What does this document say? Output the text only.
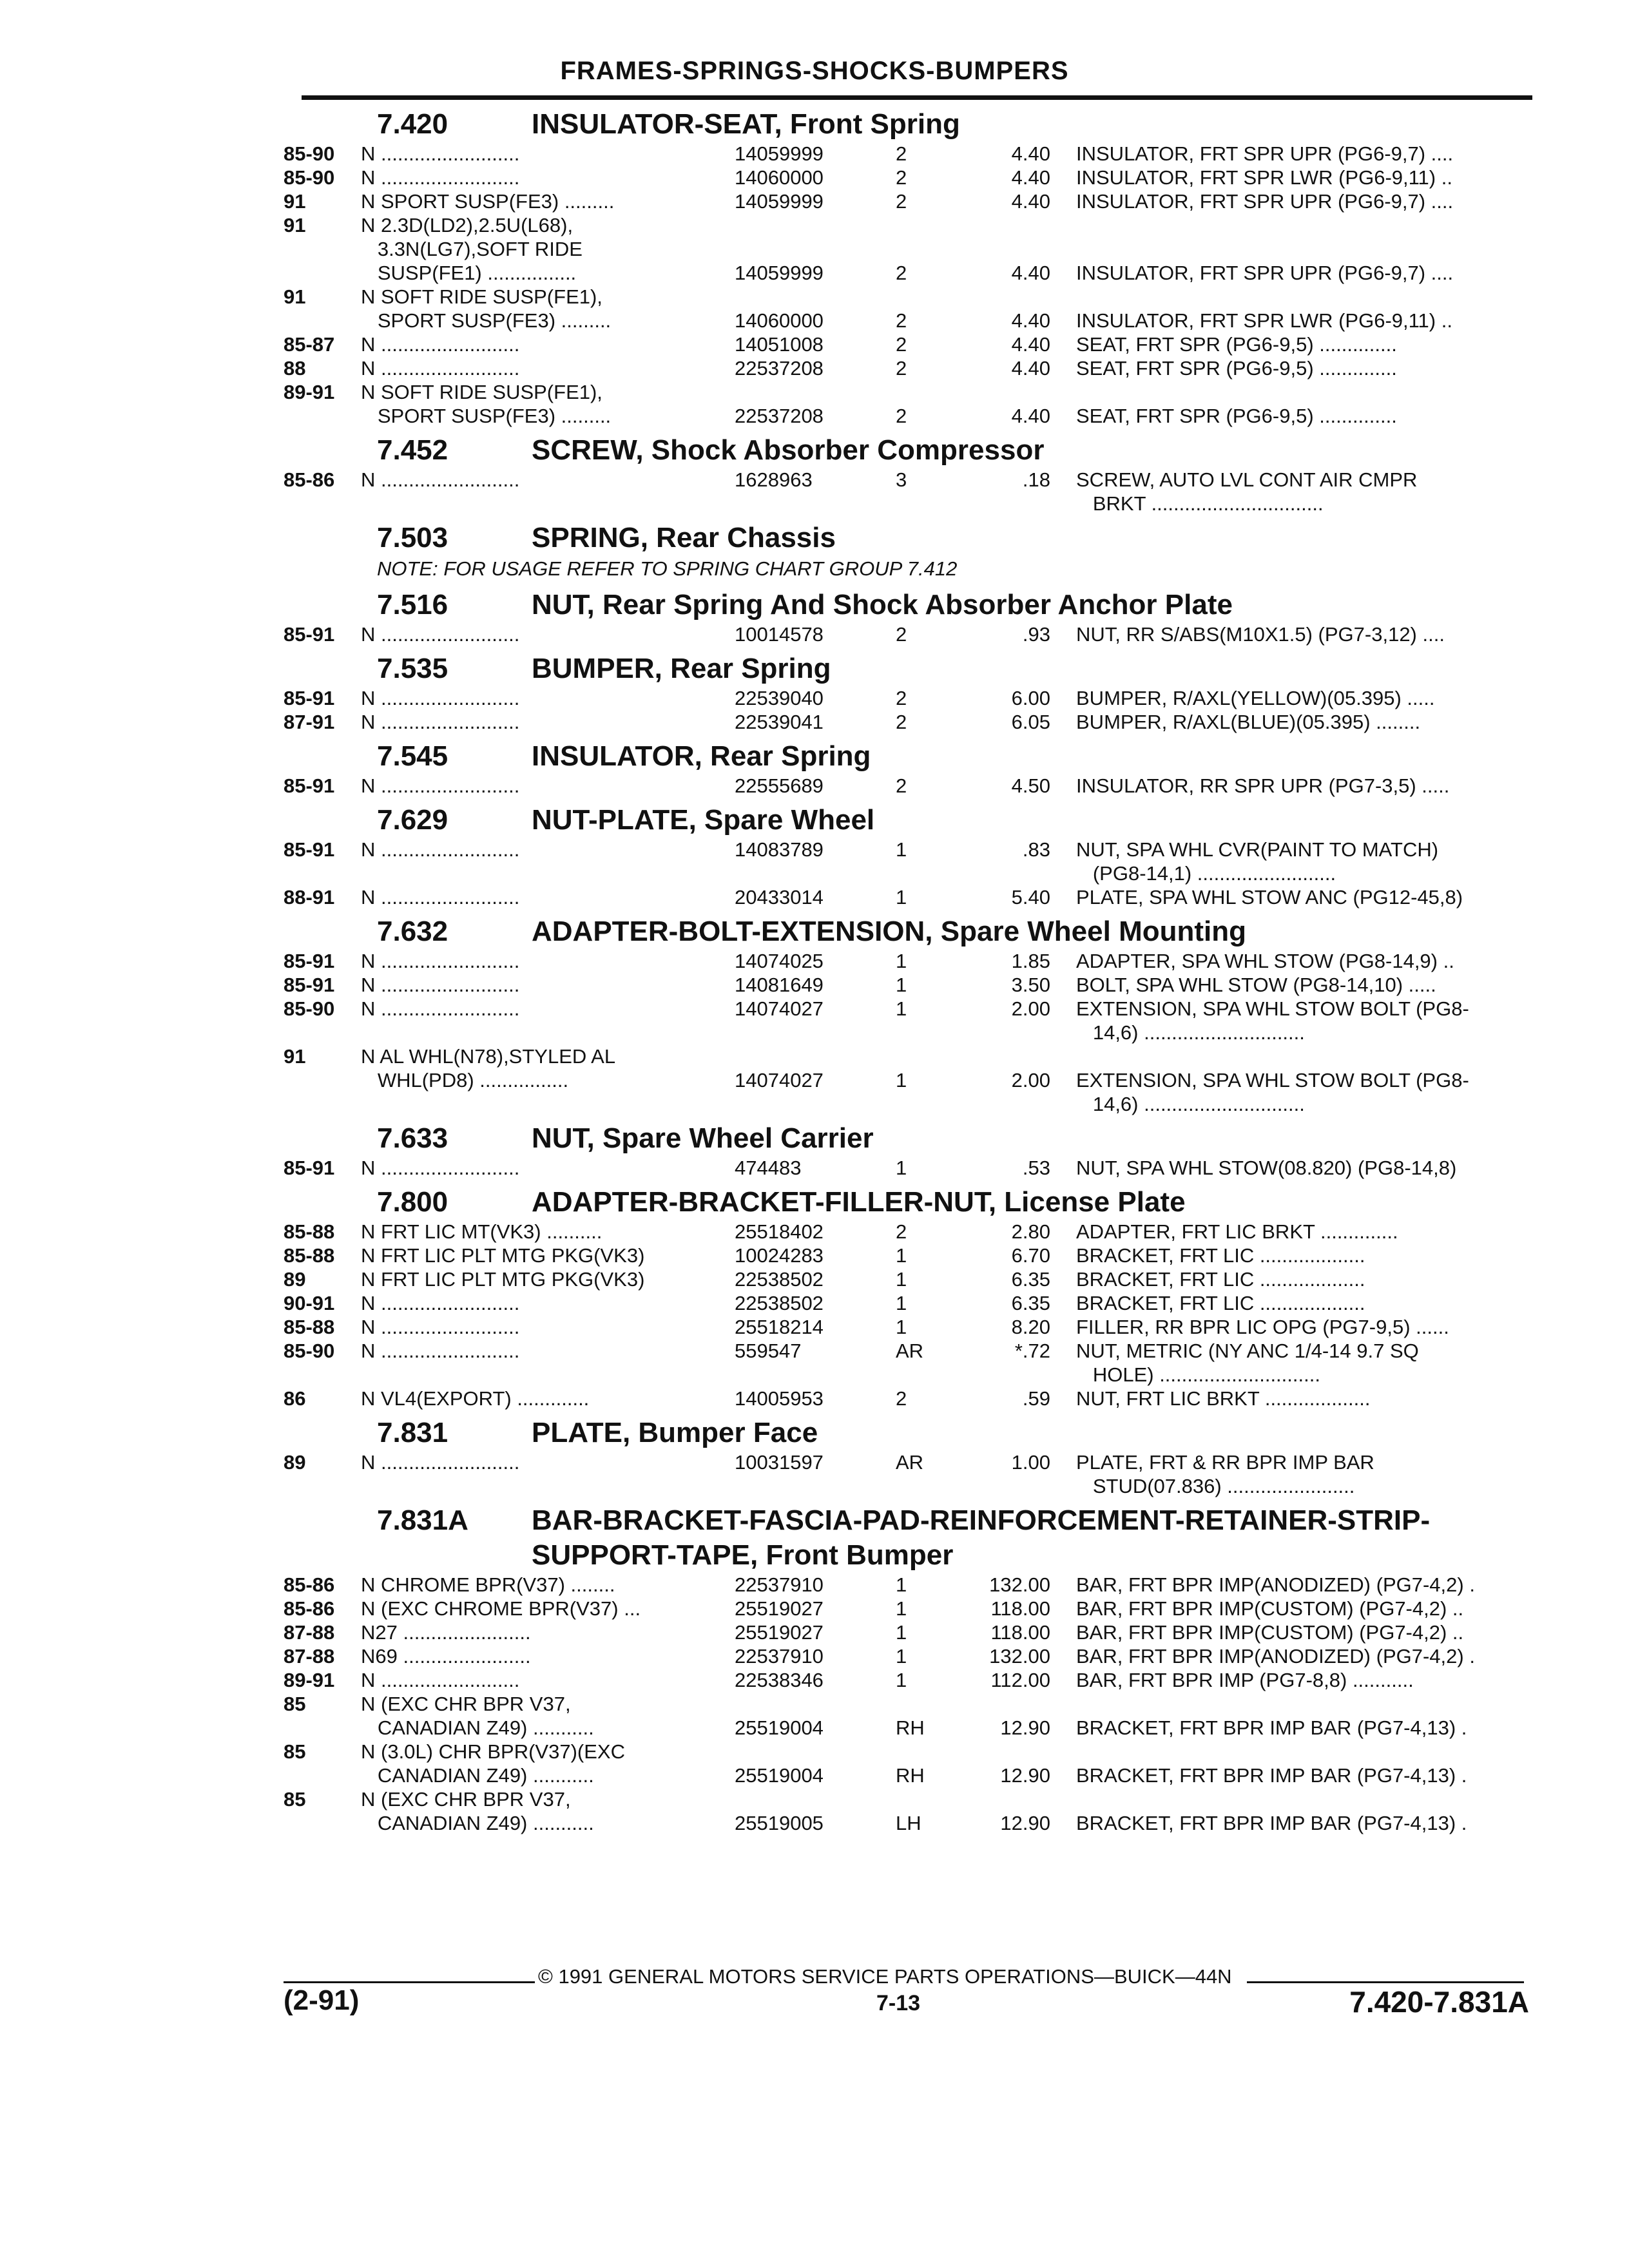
FRAMES-SPRINGS-SHOCKS-BUMPERS
7.420	INSULATOR-SEAT, Front Spring
85-90	N .........................	14059999	2	4.40	INSULATOR, FRT SPR UPR (PG6-9,7) ....
85-90	N .........................	14060000	2	4.40	INSULATOR, FRT SPR LWR (PG6-9,11) ..
91	N SPORT SUSP(FE3) .........	14059999	2	4.40	INSULATOR, FRT SPR UPR (PG6-9,7) ....
91	N 2.3D(LD2),2.5U(L68),
3.3N(LG7),SOFT RIDE
SUSP(FE1) ................	14059999	2	4.40	INSULATOR, FRT SPR UPR (PG6-9,7) ....
91	N SOFT RIDE SUSP(FE1),
SPORT SUSP(FE3) .........	14060000	2	4.40	INSULATOR, FRT SPR LWR (PG6-9,11) ..
85-87	N .........................	14051008	2	4.40	SEAT, FRT SPR (PG6-9,5) ..............
88	N .........................	22537208	2	4.40	SEAT, FRT SPR (PG6-9,5) ..............
89-91	N SOFT RIDE SUSP(FE1),
SPORT SUSP(FE3) .........	22537208	2	4.40	SEAT, FRT SPR (PG6-9,5) ..............
7.452	SCREW, Shock Absorber Compressor
85-86	N .........................	1628963	3	.18	SCREW, AUTO LVL CONT AIR CMPR
BRKT ...............................
7.503	SPRING, Rear Chassis
NOTE: FOR USAGE REFER TO SPRING CHART GROUP 7.412
7.516	NUT, Rear Spring And Shock Absorber Anchor Plate
85-91	N .........................	10014578	2	.93	NUT, RR S/ABS(M10X1.5) (PG7-3,12) ....
7.535	BUMPER, Rear Spring
85-91	N .........................	22539040	2	6.00	BUMPER, R/AXL(YELLOW)(05.395) .....
87-91	N .........................	22539041	2	6.05	BUMPER, R/AXL(BLUE)(05.395) ........
7.545	INSULATOR, Rear Spring
85-91	N .........................	22555689	2	4.50	INSULATOR, RR SPR UPR (PG7-3,5) .....
7.629	NUT-PLATE, Spare Wheel
85-91	N .........................	14083789	1	.83	NUT, SPA WHL CVR(PAINT TO MATCH)
(PG8-14,1) .........................
88-91	N .........................	20433014	1	5.40	PLATE, SPA WHL STOW ANC (PG12-45,8)
7.632	ADAPTER-BOLT-EXTENSION, Spare Wheel Mounting
85-91	N .........................	14074025	1	1.85	ADAPTER, SPA WHL STOW (PG8-14,9) ..
85-91	N .........................	14081649	1	3.50	BOLT, SPA WHL STOW (PG8-14,10) .....
85-90	N .........................	14074027	1	2.00	EXTENSION, SPA WHL STOW BOLT (PG8-
14,6) .............................
91	N AL WHL(N78),STYLED AL
WHL(PD8) ................	14074027	1	2.00	EXTENSION, SPA WHL STOW BOLT (PG8-
14,6) .............................
7.633	NUT, Spare Wheel Carrier
85-91	N .........................	474483	1	.53	NUT, SPA WHL STOW(08.820) (PG8-14,8)
7.800	ADAPTER-BRACKET-FILLER-NUT, License Plate
85-88	N FRT LIC MT(VK3) ..........	25518402	2	2.80	ADAPTER, FRT LIC BRKT ..............
85-88	N FRT LIC PLT MTG PKG(VK3)	10024283	1	6.70	BRACKET, FRT LIC ...................
89	N FRT LIC PLT MTG PKG(VK3)	22538502	1	6.35	BRACKET, FRT LIC ...................
90-91	N .........................	22538502	1	6.35	BRACKET, FRT LIC ...................
85-88	N .........................	25518214	1	8.20	FILLER, RR BPR LIC OPG (PG7-9,5) ......
85-90	N .........................	559547	AR	*.72	NUT, METRIC (NY ANC 1/4-14 9.7 SQ
HOLE) .............................
86	N VL4(EXPORT) .............	14005953	2	.59	NUT, FRT LIC BRKT ...................
7.831	PLATE, Bumper Face
89	N .........................	10031597	AR	1.00	PLATE, FRT & RR BPR IMP BAR
STUD(07.836) .......................
7.831A	BAR-BRACKET-FASCIA-PAD-REINFORCEMENT-RETAINER-STRIP-SUPPORT-TAPE, Front Bumper
85-86	N CHROME BPR(V37) ........	22537910	1	132.00	BAR, FRT BPR IMP(ANODIZED) (PG7-4,2) .
85-86	N (EXC CHROME BPR(V37) ...	25519027	1	118.00	BAR, FRT BPR IMP(CUSTOM) (PG7-4,2) ..
87-88	N27 .......................	25519027	1	118.00	BAR, FRT BPR IMP(CUSTOM) (PG7-4,2) ..
87-88	N69 .......................	22537910	1	132.00	BAR, FRT BPR IMP(ANODIZED) (PG7-4,2) .
89-91	N .........................	22538346	1	112.00	BAR, FRT BPR IMP (PG7-8,8) ...........
85	N (EXC CHR BPR V37,
CANADIAN Z49) ...........	25519004	RH	12.90	BRACKET, FRT BPR IMP BAR (PG7-4,13) .
85	N (3.0L) CHR BPR(V37)(EXC
CANADIAN Z49) ...........	25519004	RH	12.90	BRACKET, FRT BPR IMP BAR (PG7-4,13) .
85	N (EXC CHR BPR V37,
CANADIAN Z49) ...........	25519005	LH	12.90	BRACKET, FRT BPR IMP BAR (PG7-4,13) .
© 1991 GENERAL MOTORS SERVICE PARTS OPERATIONS—BUICK—44N
(2-91)	7-13	7.420-7.831A
